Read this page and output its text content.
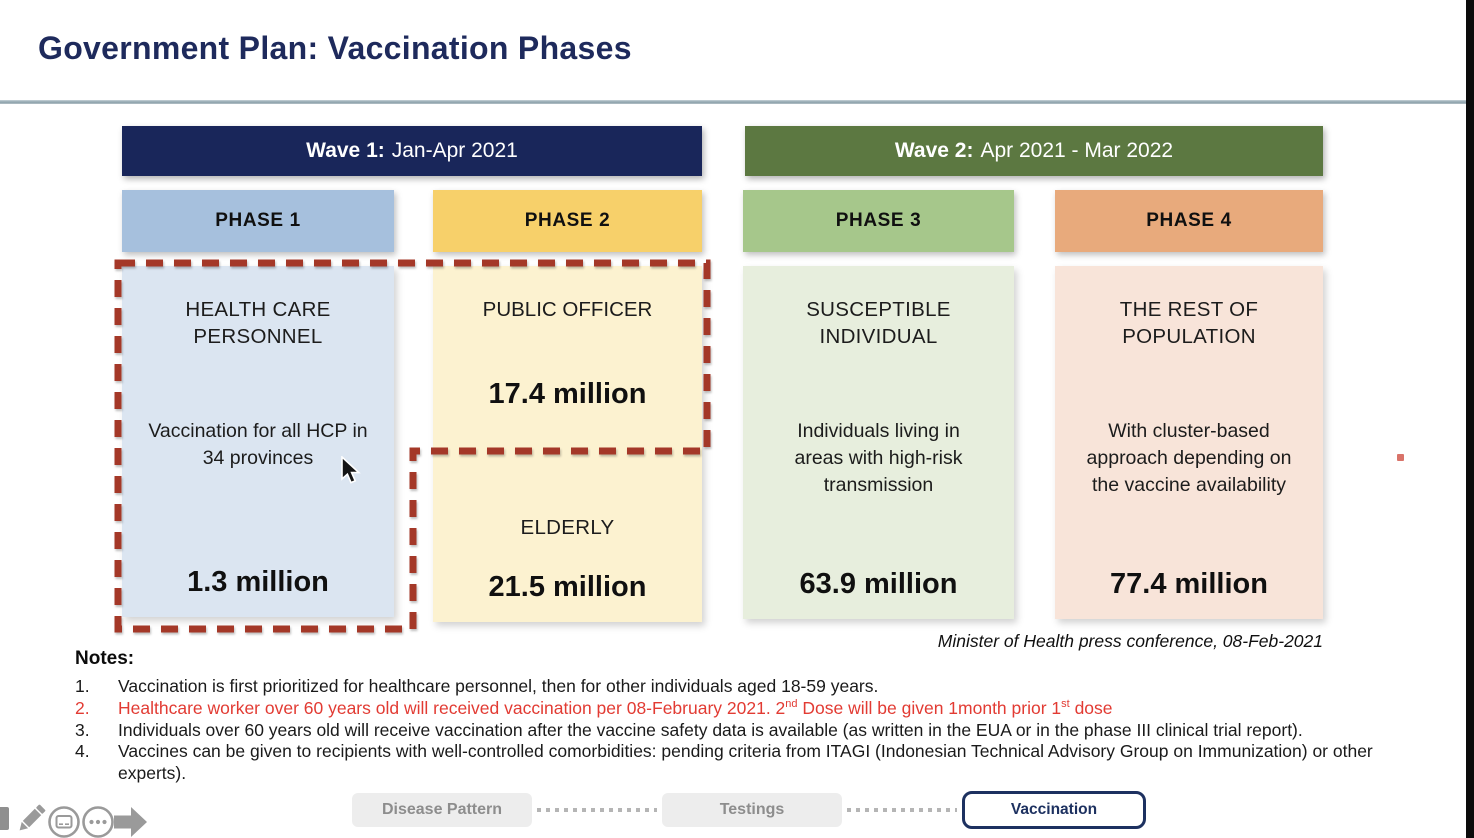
Government Plan: Vaccination Phases
Wave 1: Jan-Apr 2021	Wave 2: Apr 2021 - Mar 2022
PHASE 1	PHASE 2	PHASE 3	PHASE 4
HEALTH CARE PERSONNEL
Vaccination for all HCP in 34 provinces
1.3 million
PUBLIC OFFICER
17.4 million
ELDERLY
21.5 million
SUSCEPTIBLE INDIVIDUAL
Individuals living in areas with high-risk transmission
63.9 million
THE REST OF POPULATION
With cluster-based approach depending on the vaccine availability
77.4 million
Minister of Health press conference, 08-Feb-2021
Notes:
1.	Vaccination is first prioritized for healthcare personnel, then for other individuals aged 18-59 years.
2.	Healthcare worker over 60 years old will received vaccination per 08-February 2021. 2nd Dose will be given 1month prior 1st dose
3.	Individuals over 60 years old will receive vaccination after the vaccine safety data is available (as written in the EUA or in the phase III clinical trial report).
4.	Vaccines can be given to recipients with well-controlled comorbidities: pending criteria from ITAGI (Indonesian Technical Advisory Group on Immunization) or other experts).
Disease Pattern	Testings	Vaccination
